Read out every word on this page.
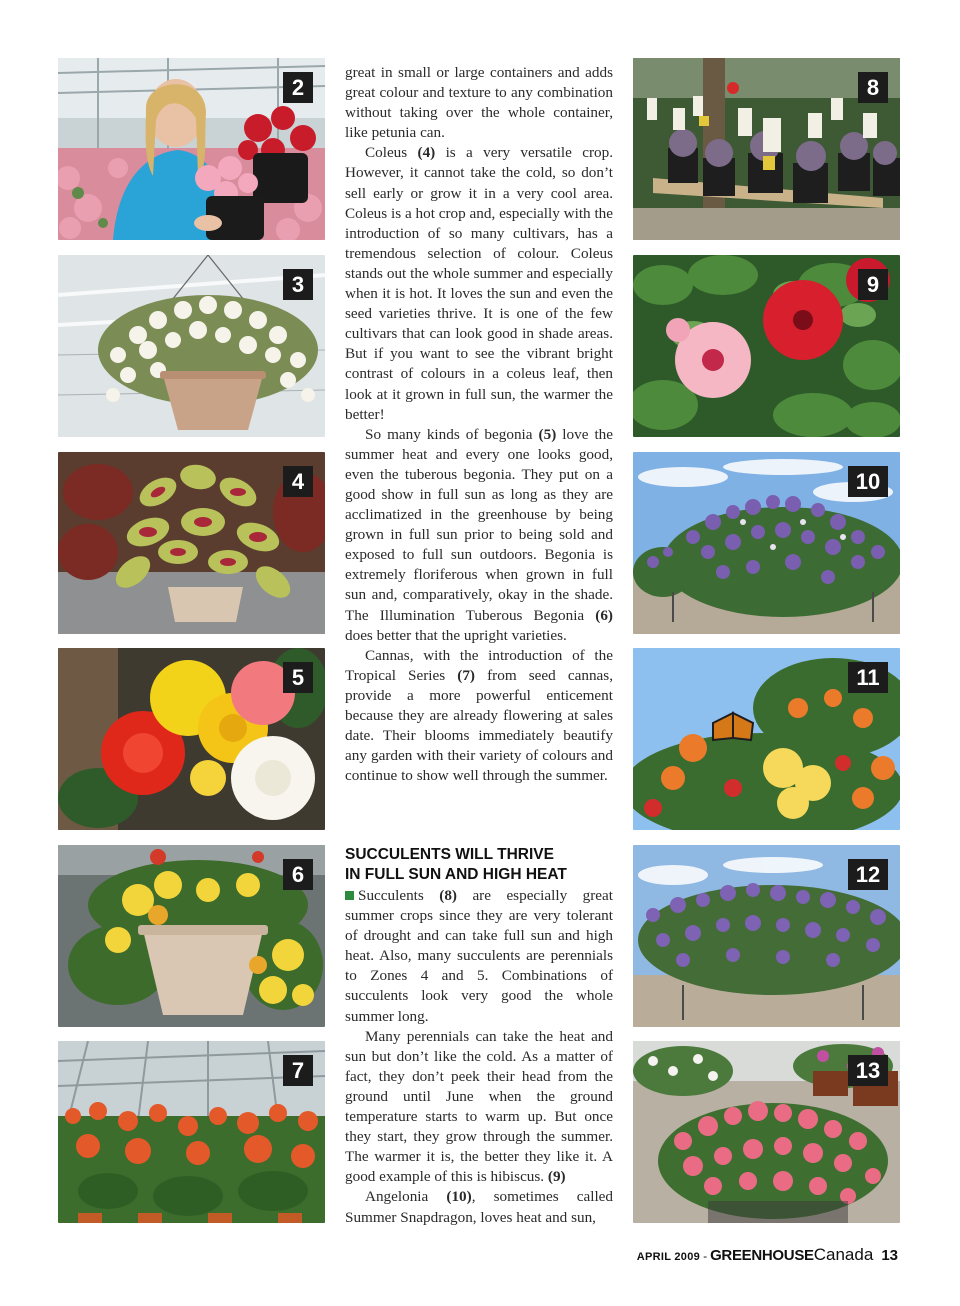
2
3
4
5
6
7
8
9
10
11
12
13

great in small or large containers and adds great colour and texture to any combination without taking over the whole container, like petunia can.

Coleus (4) is a very versatile crop. However, it cannot take the cold, so don’t sell early or grow it in a very cool area. Coleus is a hot crop and, especially with the introduction of so many cultivars, has a tremendous selection of colour. Coleus stands out the whole summer and especially when it is hot. It loves the sun and even the seed varieties thrive. It is one of the few cultivars that can look good in shade areas. But if you want to see the vibrant bright contrast of colours in a coleus leaf, then look at it grown in full sun, the warmer the better!

So many kinds of begonia (5) love the summer heat and every one looks good, even the tuberous begonia. They put on a good show in full sun as long as they are acclimatized in the greenhouse by being grown in full sun prior to being sold and exposed to full sun outdoors. Begonia is extremely floriferous when grown in full sun and, comparatively, okay in the shade. The Illumination Tuberous Begonia (6) does better that the upright varieties.

Cannas, with the introduction of the Tropical Series (7) from seed cannas, provide a more powerful enticement because they are already flowering at sales date. Their blooms immediately beautify any garden with their variety of colours and continue to show well through the summer.

SUCCULENTS WILL THRIVE
IN FULL SUN AND HIGH HEAT

Succulents (8) are especially great summer crops since they are very tolerant of drought and can take full sun and high heat. Also, many succulents are perennials to Zones 4 and 5. Combinations of succulents look very good the whole summer long.

Many perennials can take the heat and sun but don’t like the cold. As a matter of fact, they don’t peek their head from the ground until June when the ground temperature starts to warm up. But once they start, they grow through the summer. The warmer it is, the better they like it. A good example of this is hibiscus. (9)

Angelonia (10), sometimes called Summer Snapdragon, loves heat and sun,

APRIL 2009 - GREENHOUSECanada 13
